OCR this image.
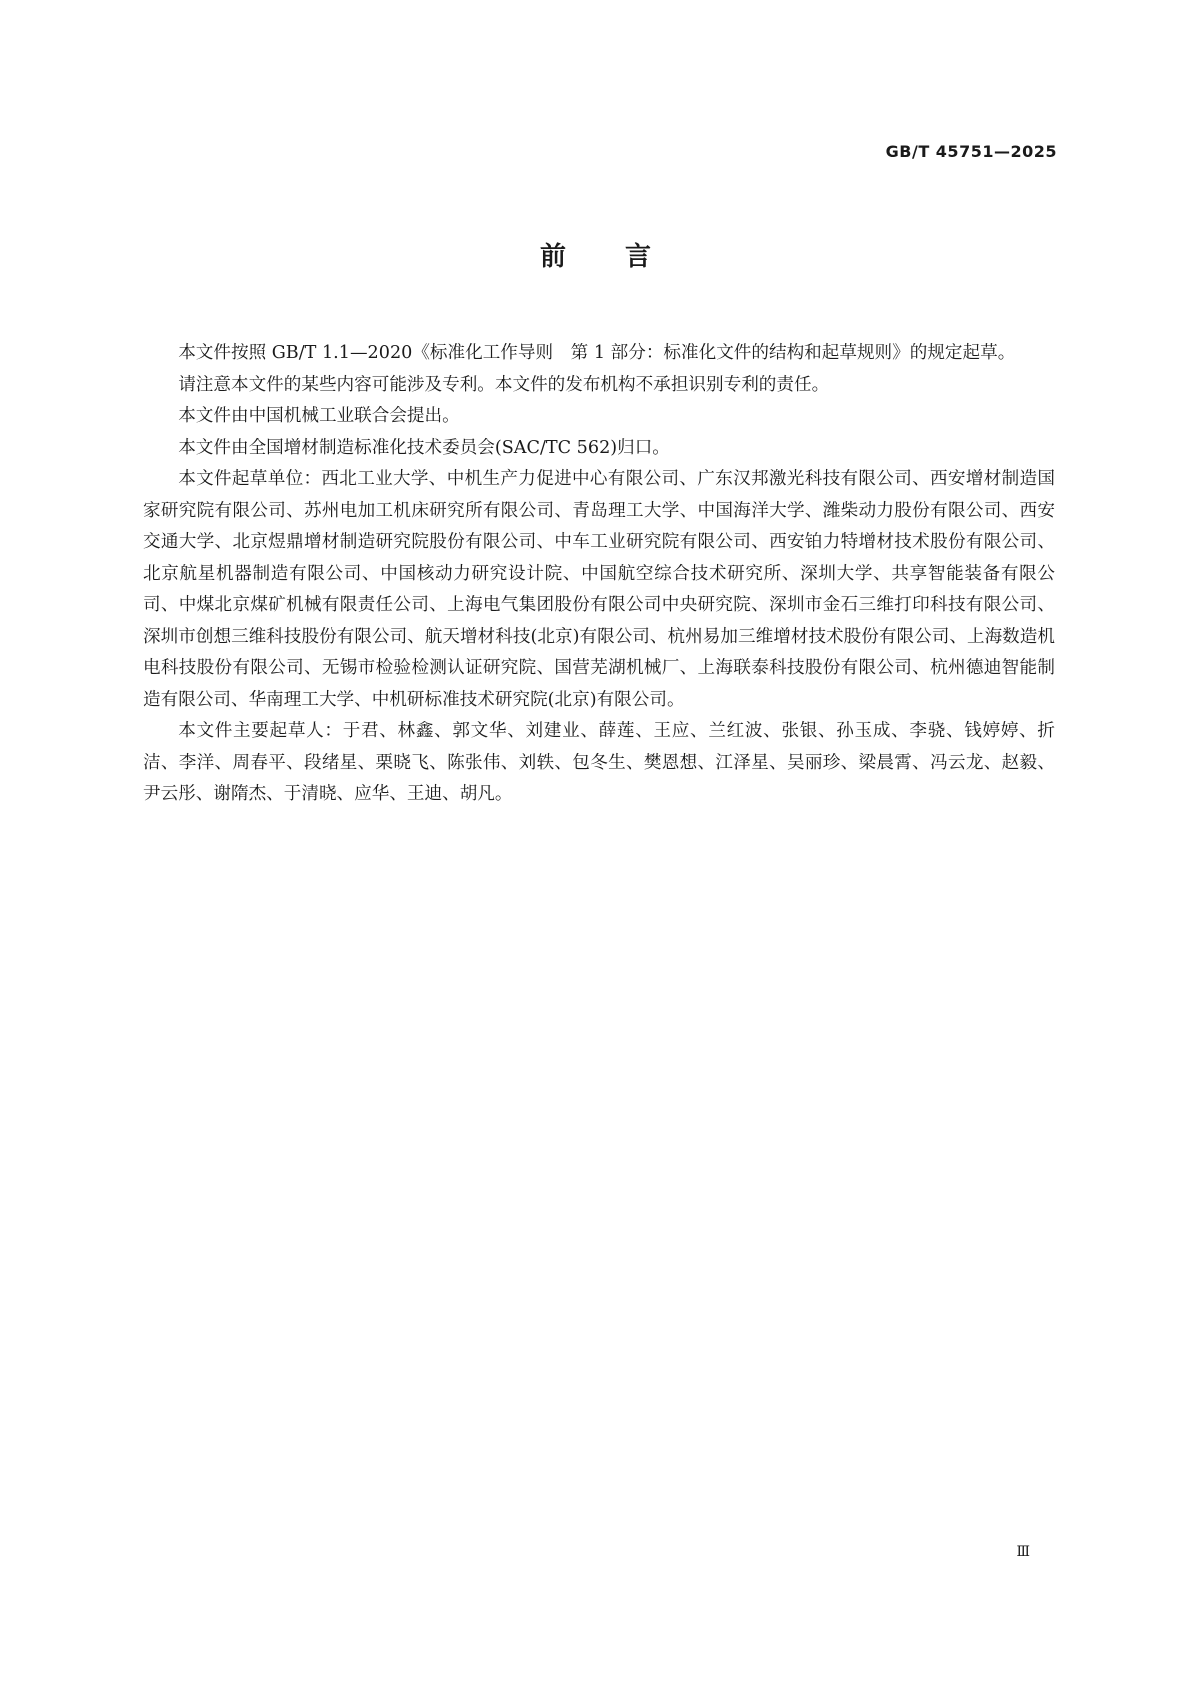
GB/T 45751—2025
前 言

本文件按照 GB/T 1.1—2020《标准化工作导则　第 1 部分：标准化文件的结构和起草规则》的规定起草。

请注意本文件的某些内容可能涉及专利。本文件的发布机构不承担识别专利的责任。

本文件由中国机械工业联合会提出。

本文件由全国增材制造标准化技术委员会(SAC/TC 562)归口。

本文件起草单位：西北工业大学、中机生产力促进中心有限公司、广东汉邦激光科技有限公司、西安增材制造国家研究院有限公司、苏州电加工机床研究所有限公司、青岛理工大学、中国海洋大学、潍柴动力股份有限公司、西安交通大学、北京煜鼎增材制造研究院股份有限公司、中车工业研究院有限公司、西安铂力特增材技术股份有限公司、北京航星机器制造有限公司、中国核动力研究设计院、中国航空综合技术研究所、深圳大学、共享智能装备有限公司、中煤北京煤矿机械有限责任公司、上海电气集团股份有限公司中央研究院、深圳市金石三维打印科技有限公司、深圳市创想三维科技股份有限公司、航天增材科技(北京)有限公司、杭州易加三维增材技术股份有限公司、上海数造机电科技股份有限公司、无锡市检验检测认证研究院、国营芜湖机械厂、上海联泰科技股份有限公司、杭州德迪智能制造有限公司、华南理工大学、中机研标准技术研究院(北京)有限公司。

本文件主要起草人：于君、林鑫、郭文华、刘建业、薛莲、王应、兰红波、张银、孙玉成、李骁、钱婷婷、折洁、李洋、周春平、段绪星、栗晓飞、陈张伟、刘轶、包冬生、樊恩想、江泽星、吴丽珍、梁晨霄、冯云龙、赵毅、尹云彤、谢隋杰、于清晓、应华、王迪、胡凡。

Ⅲ
